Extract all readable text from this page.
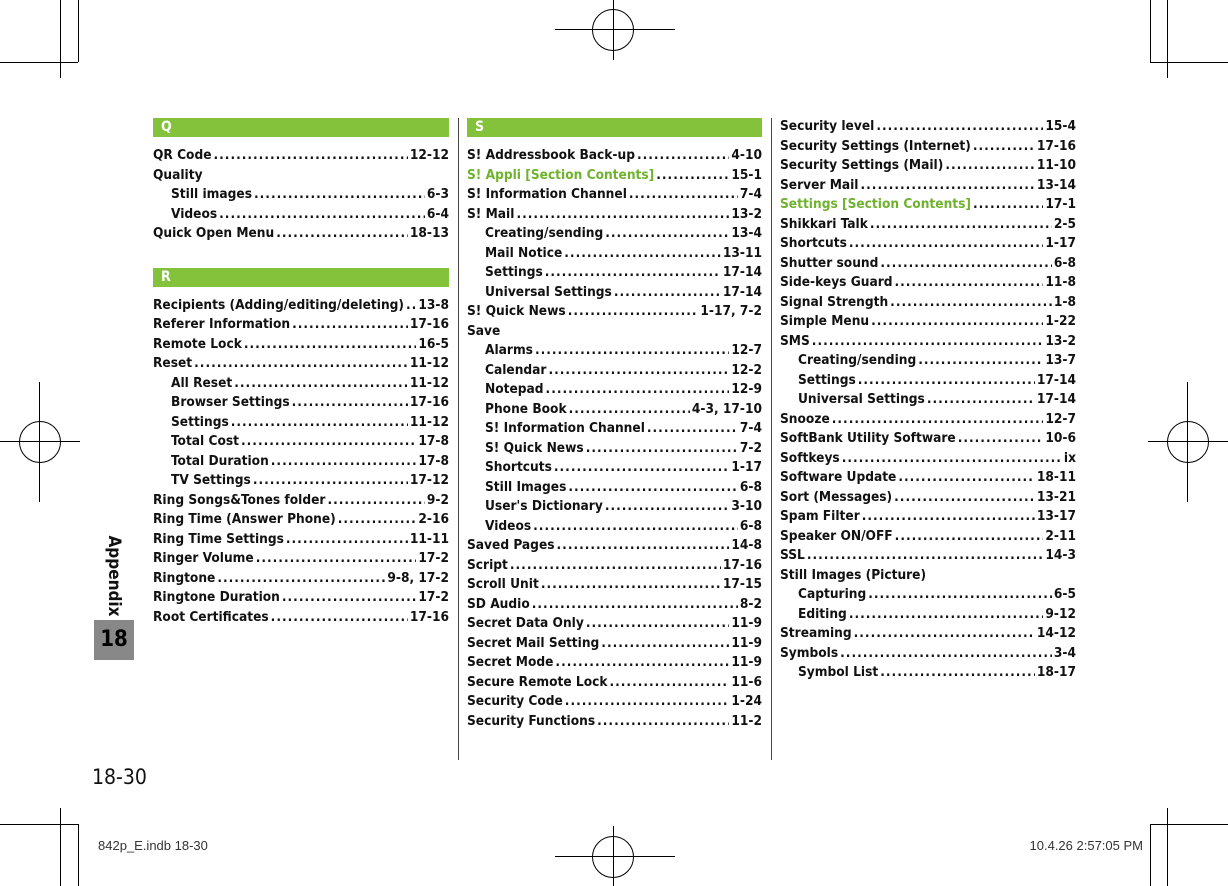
Q
QR Code .....	12-12
Quality
Still images .....	6-3
Videos .....	6-4
Quick Open Menu .....	18-13
R
Recipients (Adding/editing/deleting) ..... 13-8
Referer Information .....	17-16
Remote Lock .....	16-5
Reset .....	11-12
All Reset .....	11-12
Browser Settings .....	17-16
Settings .....	11-12
Total Cost .....	17-8
Total Duration .....	17-8
TV Settings .....	17-12
Ring Songs&Tones folder .....	9-2
Ring Time (Answer Phone) .....	2-16
Ring Time Settings .....	11-11
Ringer Volume .....	17-2
Ringtone .....	9-8, 17-2
Ringtone Duration .....	17-2
Root Certificates .....	17-16
S
S! Addressbook Back-up .....	4-10
S! Appli [Section Contents] .....	15-1
S! Information Channel .....	7-4
S! Mail .....	13-2
Creating/sending .....	13-4
Mail Notice .....	13-11
Settings .....	17-14
Universal Settings .....	17-14
S! Quick News .....	1-17, 7-2
Save
Alarms .....	12-7
Calendar .....	12-2
Notepad .....	12-9
Phone Book .....	4-3, 17-10
S! Information Channel .....	7-4
S! Quick News .....	7-2
Shortcuts .....	1-17
Still Images .....	6-8
User's Dictionary .....	3-10
Videos .....	6-8
Saved Pages .....	14-8
Script .....	17-16
Scroll Unit .....	17-15
SD Audio .....	8-2
Secret Data Only .....	11-9
Secret Mail Setting .....	11-9
Secret Mode .....	11-9
Secure Remote Lock .....	11-6
Security Code .....	1-24
Security Functions .....	11-2
Security level .....	15-4
Security Settings (Internet) .....	17-16
Security Settings (Mail) .....	11-10
Server Mail .....	13-14
Settings [Section Contents] .....	17-1
Shikkari Talk .....	2-5
Shortcuts .....	1-17
Shutter sound .....	6-8
Side-keys Guard .....	11-8
Signal Strength .....	1-8
Simple Menu .....	1-22
SMS .....	13-2
Creating/sending .....	13-7
Settings .....	17-14
Universal Settings .....	17-14
Snooze .....	12-7
SoftBank Utility Software .....	10-6
Softkeys .....	ix
Software Update .....	18-11
Sort (Messages) .....	13-21
Spam Filter .....	13-17
Speaker ON/OFF .....	2-11
SSL .....	14-3
Still Images (Picture)
Capturing .....	6-5
Editing .....	9-12
Streaming .....	14-12
Symbols .....	3-4
Symbol List .....	18-17
Appendix
18
18-30
842p_E.indb 18-30	10.4.26 2:57:05 PM
